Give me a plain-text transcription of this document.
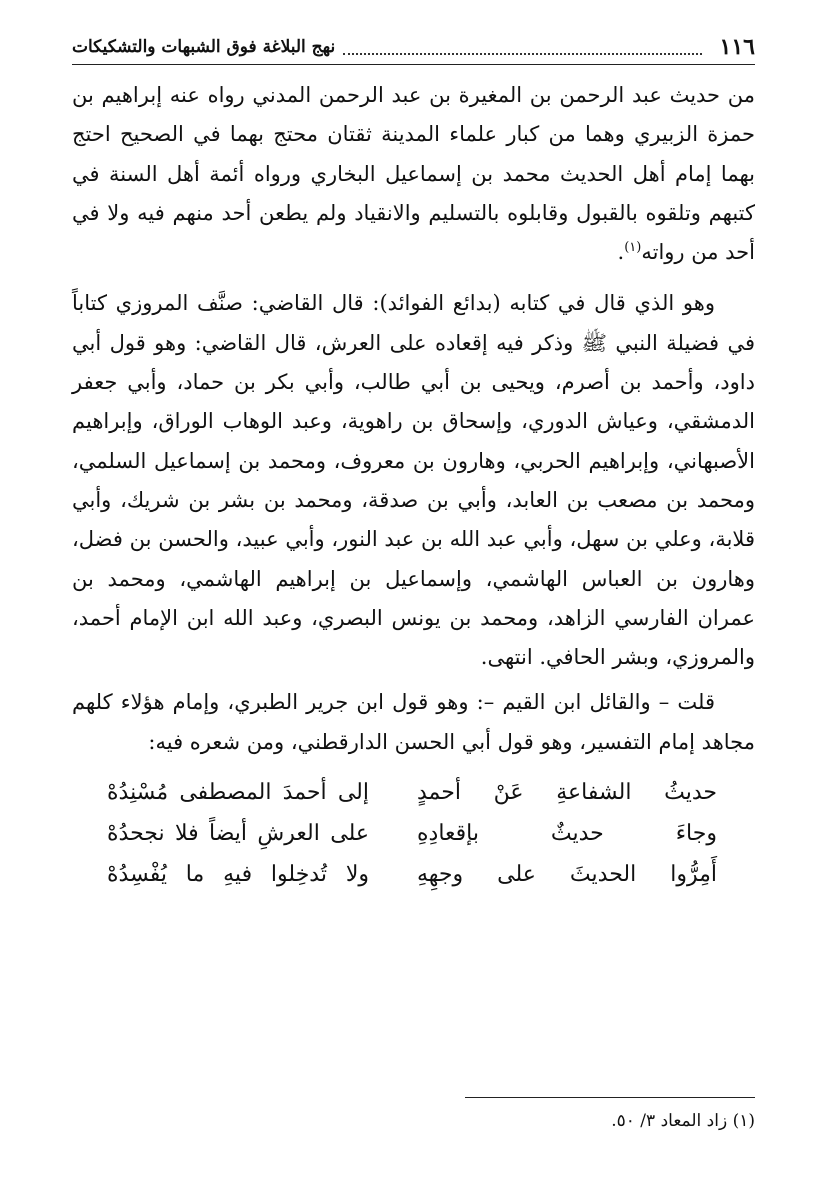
١١٦
نهج البلاغة فوق الشبهات والتشكيكات

من حديث عبد الرحمن بن المغيرة بن عبد الرحمن المدني رواه عنه إبراهيم بن حمزة الزبيري وهما من كبار علماء المدينة ثقتان محتج بهما في الصحيح احتج بهما إمام أهل الحديث محمد بن إسماعيل البخاري ورواه أئمة أهل السنة في كتبهم وتلقوه بالقبول وقابلوه بالتسليم والانقياد ولم يطعن أحد منهم فيه ولا في أحد من رواته$^{(١)}$.

وهو الذي قال في كتابه (بدائع الفوائد): قال القاضي: صنَّف المروزي كتاباً في فضيلة النبي ﷺ وذكر فيه إقعاده على العرش، قال القاضي: وهو قول أبي داود، وأحمد بن أصرم، ويحيى بن أبي طالب، وأبي بكر بن حماد، وأبي جعفر الدمشقي، وعياش الدوري، وإسحاق بن راهوية، وعبد الوهاب الوراق، وإبراهيم الأصبهاني، وإبراهيم الحربي، وهارون بن معروف، ومحمد بن إسماعيل السلمي، ومحمد بن مصعب بن العابد، وأبي بن صدقة، ومحمد بن بشر بن شريك، وأبي قلابة، وعلي بن سهل، وأبي عبد الله بن عبد النور، وأبي عبيد، والحسن بن فضل، وهارون بن العباس الهاشمي، وإسماعيل بن إبراهيم الهاشمي، ومحمد بن عمران الفارسي الزاهد، ومحمد بن يونس البصري، وعبد الله ابن الإمام أحمد، والمروزي، وبشر الحافي. انتهى.

قلت – والقائل ابن القيم –: وهو قول ابن جرير الطبري، وإمام هؤلاء كلهم مجاهد إمام التفسير، وهو قول أبي الحسن الدارقطني، ومن شعره فيه:

حديثُ الشفاعةِ عَنْ أحمدٍ
إلى أحمدَ المصطفى مُسْنِدُهْ
وجاءَ حديثٌ بإقعادِهِ
على العرشِ أيضاً فلا نجحدُهْ
أَمِرُّوا الحديثَ على وجهِهِ
ولا تُدخِلوا فيهِ ما يُفْسِدُهْ
(١) زاد المعاد ٣/ ٥٠.
